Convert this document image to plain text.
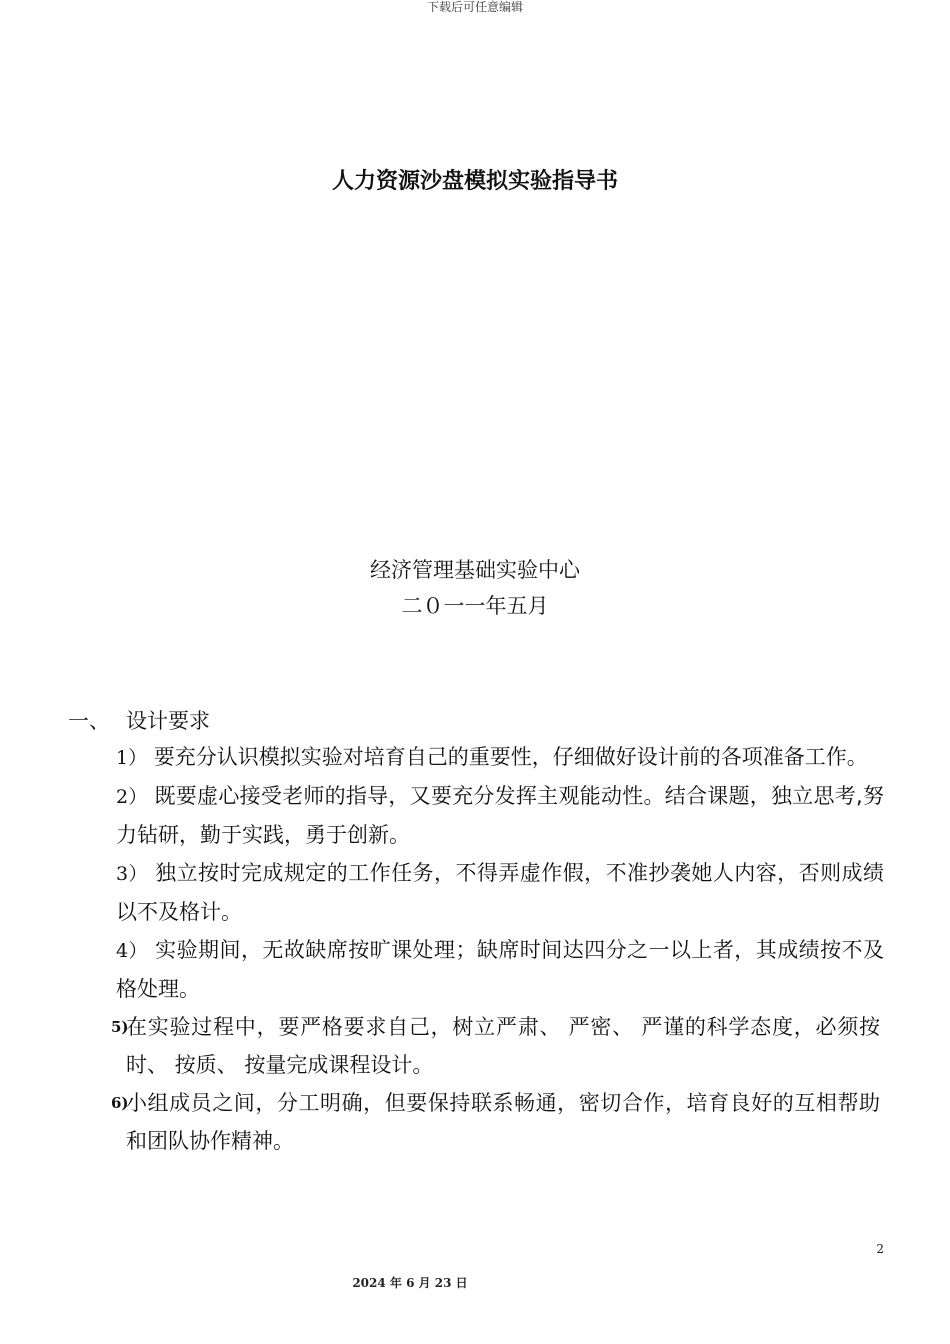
下载后可任意编辑
人力资源沙盘模拟实验指导书
经济管理基础实验中心
二０一一年五月
一、 设计要求
1） 要充分认识模拟实验对培育自己的重要性，仔细做好设计前的各项准备工作。
2） 既要虚心接受老师的指导，又要充分发挥主观能动性。结合课题，独立思考,努力钻研，勤于实践，勇于创新。
3） 独立按时完成规定的工作任务，不得弄虚作假，不准抄袭她人内容，否则成绩以不及格计。
4） 实验期间，无故缺席按旷课处理；缺席时间达四分之一以上者，其成绩按不及格处理。
5)
在实验过程中，要严格要求自己，树立严肃、 严密、 严谨的科学态度，必须按时、 按质、 按量完成课程设计。
6)
小组成员之间，分工明确，但要保持联系畅通，密切合作，培育良好的互相帮助和团队协作精神。
2
2024 年 6 月 23 日
